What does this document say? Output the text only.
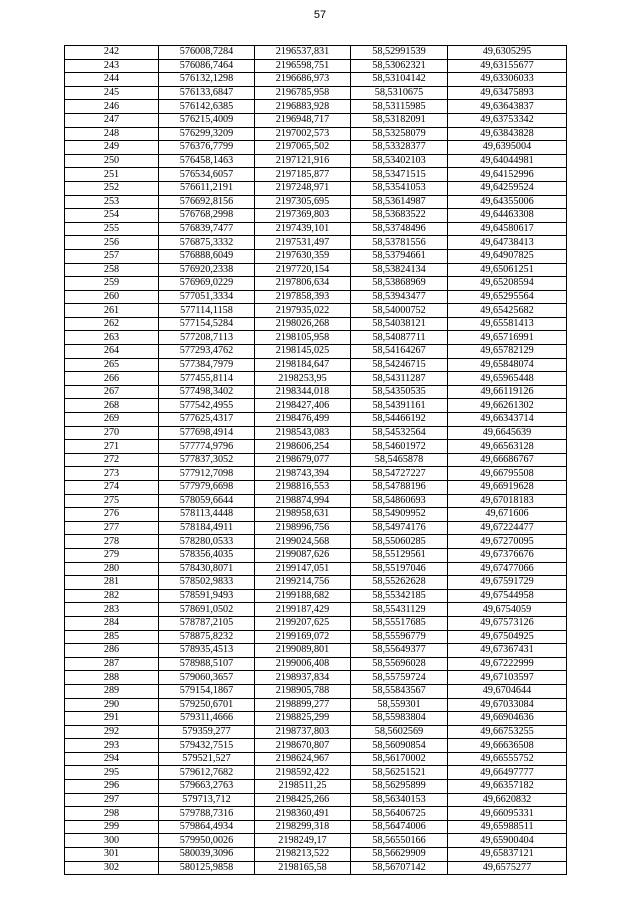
57
242	576008,7284	2196537,831	58,52991539	49,6305295
243	576086,7464	2196598,751	58,53062321	49,63155677
244	576132,1298	2196686,973	58,53104142	49,63306033
245	576133,6847	2196785,958	58,5310675	49,63475893
246	576142,6385	2196883,928	58,53115985	49,63643837
247	576215,4009	2196948,717	58,53182091	49,63753342
248	576299,3209	2197002,573	58,53258079	49,63843828
249	576376,7799	2197065,502	58,53328377	49,6395004
250	576458,1463	2197121,916	58,53402103	49,64044981
251	576534,6057	2197185,877	58,53471515	49,64152996
252	576611,2191	2197248,971	58,53541053	49,64259524
253	576692,8156	2197305,695	58,53614987	49,64355006
254	576768,2998	2197369,803	58,53683522	49,64463308
255	576839,7477	2197439,101	58,53748496	49,64580617
256	576875,3332	2197531,497	58,53781556	49,64738413
257	576888,6049	2197630,359	58,53794661	49,64907825
258	576920,2338	2197720,154	58,53824134	49,65061251
259	576969,0229	2197806,634	58,53868969	49,65208594
260	577051,3334	2197858,393	58,53943477	49,65295564
261	577114,1158	2197935,022	58,54000752	49,65425682
262	577154,5284	2198026,268	58,54038121	49,65581413
263	577208,7113	2198105,958	58,54087711	49,65716991
264	577293,4762	2198145,025	58,54164267	49,65782129
265	577384,7979	2198184,647	58,54246715	49,65848074
266	577455,8114	2198253,95	58,54311287	49,65965448
267	577498,3402	2198344,018	58,54350535	49,66119126
268	577542,4955	2198427,406	58,54391161	49,66261302
269	577625,4317	2198476,499	58,54466192	49,66343714
270	577698,4914	2198543,083	58,54532564	49,6645639
271	577774,9796	2198606,254	58,54601972	49,66563128
272	577837,3052	2198679,077	58,5465878	49,66686767
273	577912,7098	2198743,394	58,54727227	49,66795508
274	577979,6698	2198816,553	58,54788196	49,66919628
275	578059,6644	2198874,994	58,54860693	49,67018183
276	578113,4448	2198958,631	58,54909952	49,671606
277	578184,4911	2198996,756	58,54974176	49,67224477
278	578280,0533	2199024,568	58,55060285	49,67270095
279	578356,4035	2199087,626	58,55129561	49,67376676
280	578430,8071	2199147,051	58,55197046	49,67477066
281	578502,9833	2199214,756	58,55262628	49,67591729
282	578591,9493	2199188,682	58,55342185	49,67544958
283	578691,0502	2199187,429	58,55431129	49,6754059
284	578787,2105	2199207,625	58,55517685	49,67573126
285	578875,8232	2199169,072	58,55596779	49,67504925
286	578935,4513	2199089,801	58,55649377	49,67367431
287	578988,5107	2199006,408	58,55696028	49,67222999
288	579060,3657	2198937,834	58,55759724	49,67103597
289	579154,1867	2198905,788	58,55843567	49,6704644
290	579250,6701	2198899,277	58,559301	49,67033084
291	579311,4666	2198825,299	58,55983804	49,66904636
292	579359,277	2198737,803	58,5602569	49,66753255
293	579432,7515	2198670,807	58,56090854	49,66636508
294	579521,527	2198624,967	58,56170002	49,66555752
295	579612,7682	2198592,422	58,56251521	49,66497777
296	579663,2763	2198511,25	58,56295899	49,66357182
297	579713,712	2198425,266	58,56340153	49,6620832
298	579788,7316	2198360,491	58,56406725	49,66095331
299	579864,4934	2198299,318	58,56474006	49,65988511
300	579950,0026	2198249,17	58,56550166	49,65900404
301	580039,3096	2198213,522	58,56629909	49,65837121
302	580125,9858	2198165,58	58,56707142	49,6575277
